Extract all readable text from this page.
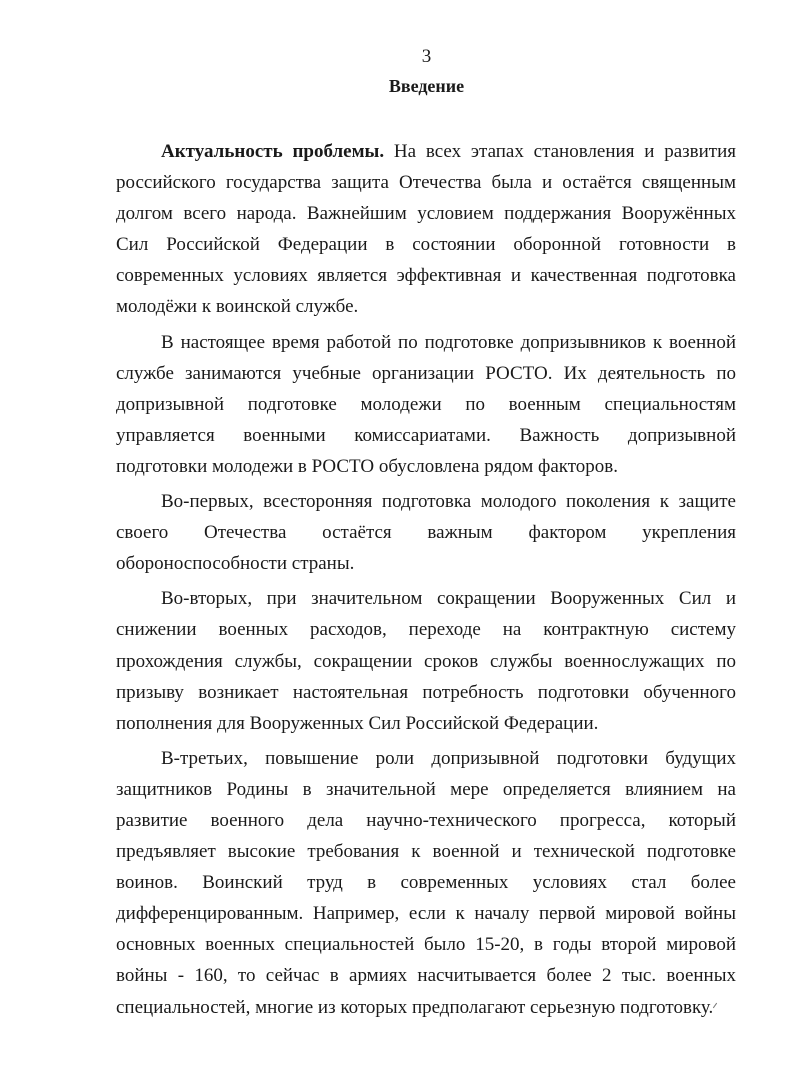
3
Введение

Актуальность проблемы. На всех этапах становления и развития российского государства защита Отечества была и остаётся священным долгом всего народа. Важнейшим условием поддержания Вооружённых Сил Российской Федерации в состоянии оборонной готовности в современных условиях является эффективная и качественная подготовка молодёжи к воинской службе.

В настоящее время работой по подготовке допризывников к военной службе занимаются учебные организации РОСТО. Их деятельность по допризывной подготовке молодежи по военным специальностям управляется военными комиссариатами. Важность допризывной подготовки молодежи в РОСТО обусловлена рядом факторов.

Во-первых, всесторонняя подготовка молодого поколения к защите своего Отечества остаётся важным фактором укрепления обороноспособности страны.

Во-вторых, при значительном сокращении Вооруженных Сил и снижении военных расходов, переходе на контрактную систему прохождения службы, сокращении сроков службы военнослужащих по призыву возникает настоятельная потребность подготовки обученного пополнения для Вооруженных Сил Российской Федерации.

В-третьих, повышение роли допризывной подготовки будущих защитников Родины в значительной мере определяется влиянием на развитие военного дела научно-технического прогресса, который предъявляет высокие требования к военной и технической подготовке воинов. Воинский труд в современных условиях стал более дифференцированным. Например, если к началу первой мировой войны основных военных специальностей было 15-20, в годы второй мировой войны - 160, то сейчас в армиях насчитывается более 2 тыс. военных специальностей, многие из которых предполагают серьезную подготовку.
